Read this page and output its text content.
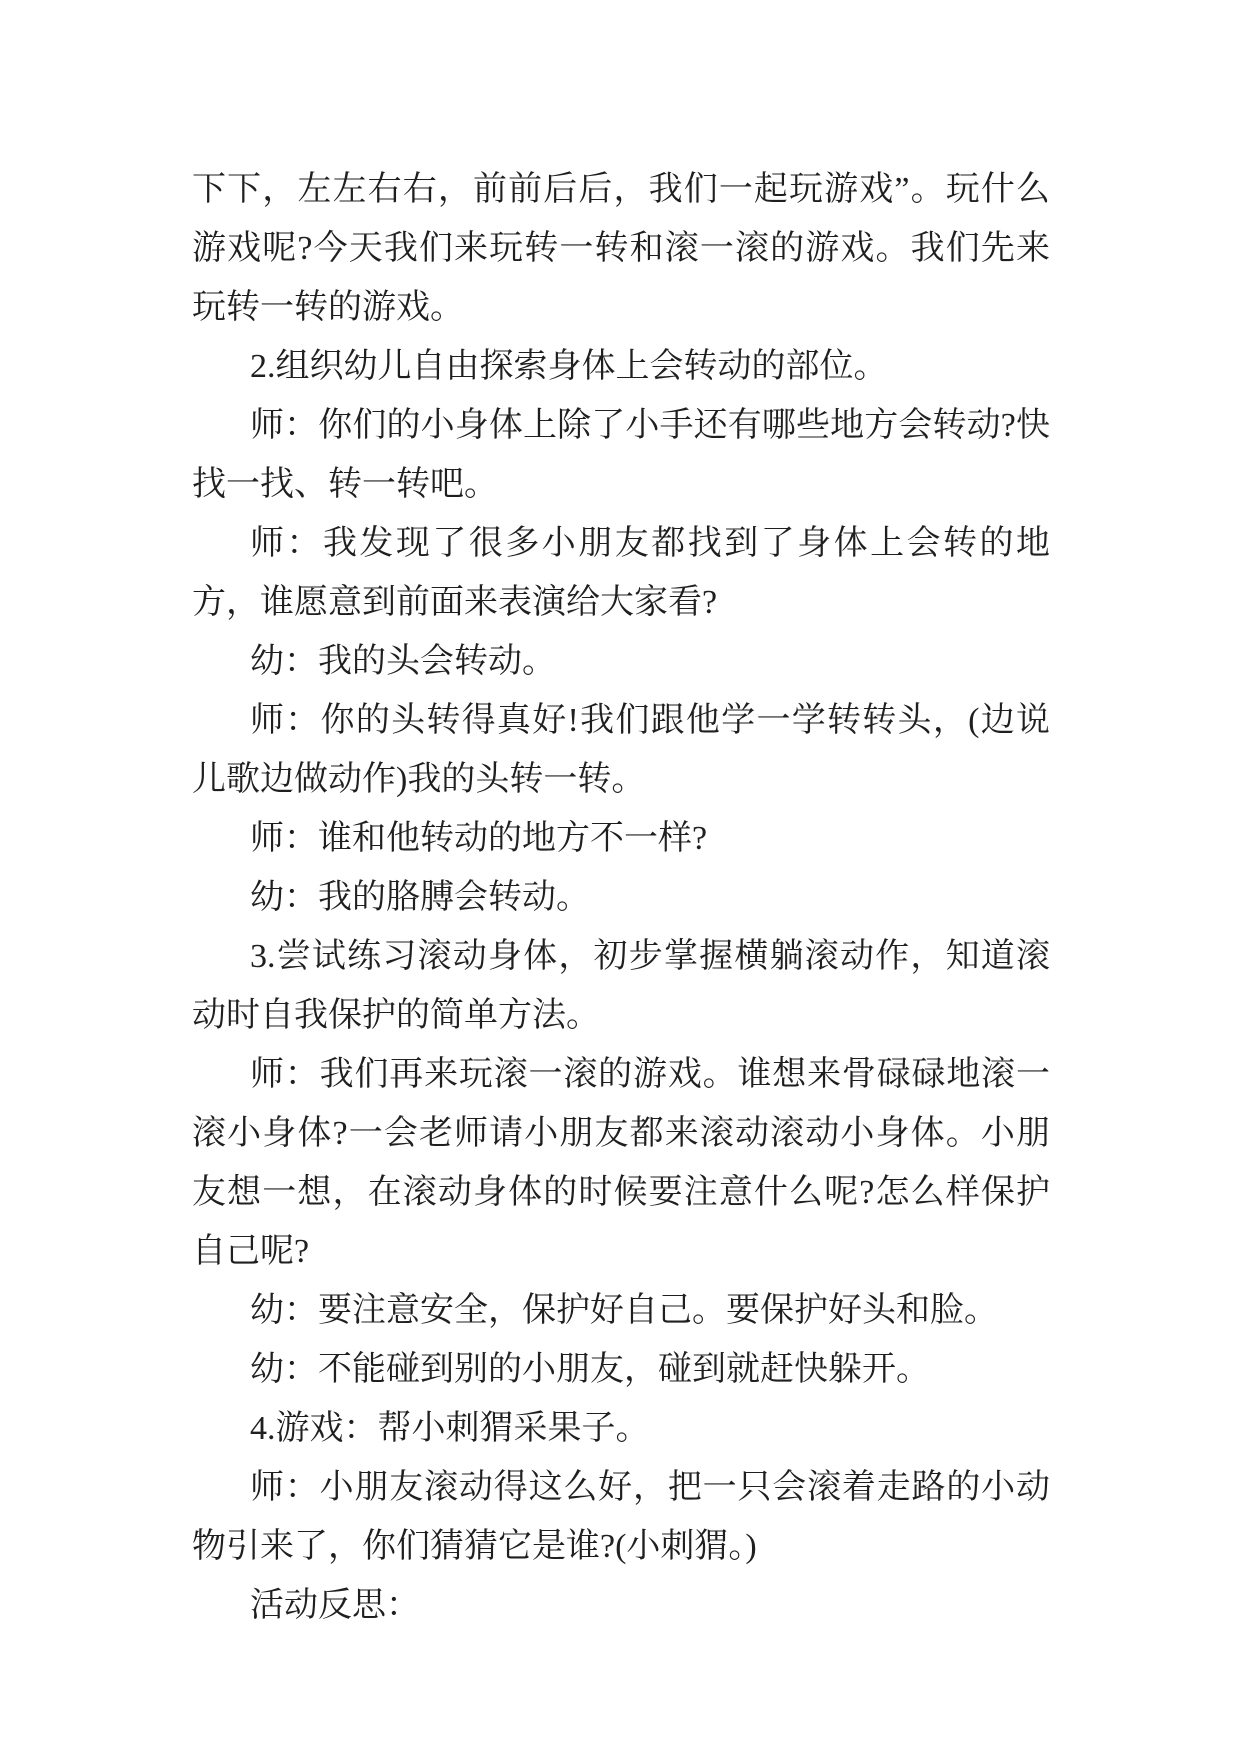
下下，左左右右，前前后后，我们一起玩游戏”。玩什么游戏呢?今天我们来玩转一转和滚一滚的游戏。我们先来玩转一转的游戏。

2.组织幼儿自由探索身体上会转动的部位。

师：你们的小身体上除了小手还有哪些地方会转动?快找一找、转一转吧。

师：我发现了很多小朋友都找到了身体上会转的地方，谁愿意到前面来表演给大家看?

幼：我的头会转动。

师：你的头转得真好!我们跟他学一学转转头，(边说儿歌边做动作)我的头转一转。

师：谁和他转动的地方不一样?

幼：我的胳膊会转动。

3.尝试练习滚动身体，初步掌握横躺滚动作，知道滚动时自我保护的简单方法。

师：我们再来玩滚一滚的游戏。谁想来骨碌碌地滚一滚小身体?一会老师请小朋友都来滚动滚动小身体。小朋友想一想，在滚动身体的时候要注意什么呢?怎么样保护自己呢?

幼：要注意安全，保护好自己。要保护好头和脸。

幼：不能碰到别的小朋友，碰到就赶快躲开。

4.游戏：帮小刺猬采果子。

师：小朋友滚动得这么好，把一只会滚着走路的小动物引来了，你们猜猜它是谁?(小刺猬。)

活动反思：
